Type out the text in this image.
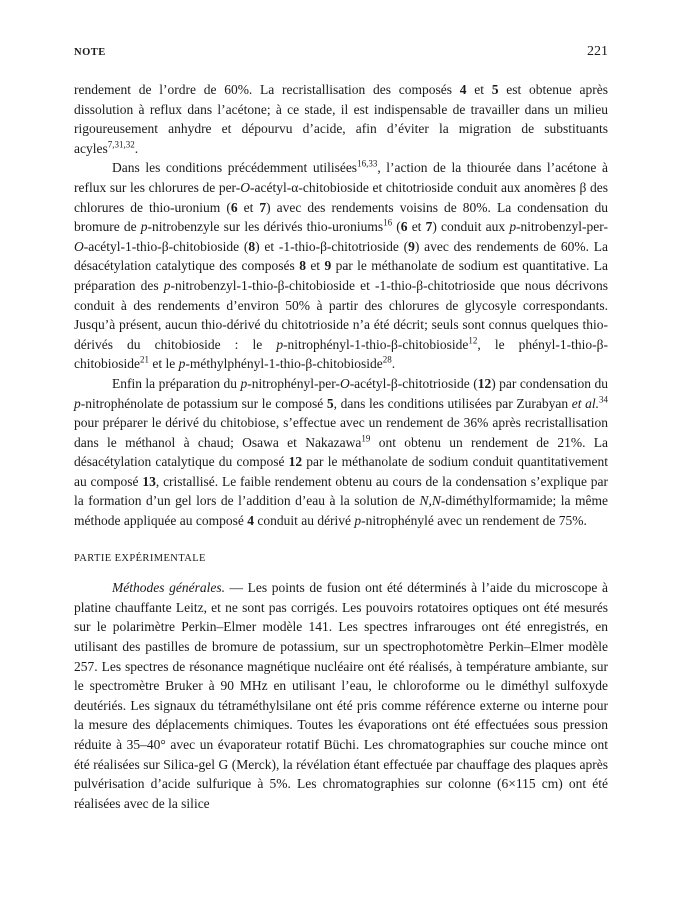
NOTE	221

rendement de l’ordre de 60%. La recristallisation des composés 4 et 5 est obtenue après dissolution à reflux dans l’acétone; à ce stade, il est indispensable de travailler dans un milieu rigoureusement anhydre et dépourvu d’acide, afin d’éviter la migration de substituants acyles$^{7,31,32}$.

Dans les conditions précédemment utilisées$^{16,33}$, l’action de la thiourée dans l’acétone à reflux sur les chlorures de per-O-acétyl-α-chitobioside et chitotrioside conduit aux anomères β des chlorures de thio-uronium (6 et 7) avec des rendements voisins de 80%. La condensation du bromure de p-nitrobenzyle sur les dérivés thio-uroniums$^{16}$ (6 et 7) conduit aux p-nitrobenzyl-per-O-acétyl-1-thio-β-chitobioside (8) et -1-thio-β-chitotrioside (9) avec des rendements de 60%. La désacétylation catalytique des composés 8 et 9 par le méthanolate de sodium est quantitative. La préparation des p-nitrobenzyl-1-thio-β-chitobioside et -1-thio-β-chitotrioside que nous décrivons conduit à des rendements d’environ 50% à partir des chlorures de glycosyle correspondants. Jusqu’à présent, aucun thio-dérivé du chitotrioside n’a été décrit; seuls sont connus quelques thio-dérivés du chitobioside : le p-nitrophényl-1-thio-β-chitobioside$^{12}$, le phényl-1-thio-β-chitobioside$^{21}$ et le p-méthylphényl-1-thio-β-chitobioside$^{28}$.

Enfin la préparation du p-nitrophényl-per-O-acétyl-β-chitotrioside (12) par condensation du p-nitrophénolate de potassium sur le composé 5, dans les conditions utilisées par Zurabyan et al.$^{34}$ pour préparer le dérivé du chitobiose, s’effectue avec un rendement de 36% après recristallisation dans le méthanol à chaud; Osawa et Nakazawa$^{19}$ ont obtenu un rendement de 21%. La désacétylation catalytique du composé 12 par le méthanolate de sodium conduit quantitativement au composé 13, cristallisé. Le faible rendement obtenu au cours de la condensation s’explique par la formation d’un gel lors de l’addition d’eau à la solution de N,N-diméthylformamide; la même méthode appliquée au composé 4 conduit au dérivé p-nitrophénylé avec un rendement de 75%.

PARTIE EXPÉRIMENTALE

Méthodes générales. — Les points de fusion ont été déterminés à l’aide du microscope à platine chauffante Leitz, et ne sont pas corrigés. Les pouvoirs rotatoires optiques ont été mesurés sur le polarimètre Perkin–Elmer modèle 141. Les spectres infrarouges ont été enregistrés, en utilisant des pastilles de bromure de potassium, sur un spectrophotomètre Perkin–Elmer modèle 257. Les spectres de résonance magnétique nucléaire ont été réalisés, à température ambiante, sur le spectromètre Bruker à 90 MHz en utilisant l’eau, le chloroforme ou le diméthyl sulfoxyde deutériés. Les signaux du tétraméthylsilane ont été pris comme référence externe ou interne pour la mesure des déplacements chimiques. Toutes les évaporations ont été effectuées sous pression réduite à 35–40° avec un évaporateur rotatif Büchi. Les chromatographies sur couche mince ont été réalisées sur Silica-gel G (Merck), la révélation étant effectuée par chauffage des plaques après pulvérisation d’acide sulfurique à 5%. Les chromatographies sur colonne (6×115 cm) ont été réalisées avec de la silice
